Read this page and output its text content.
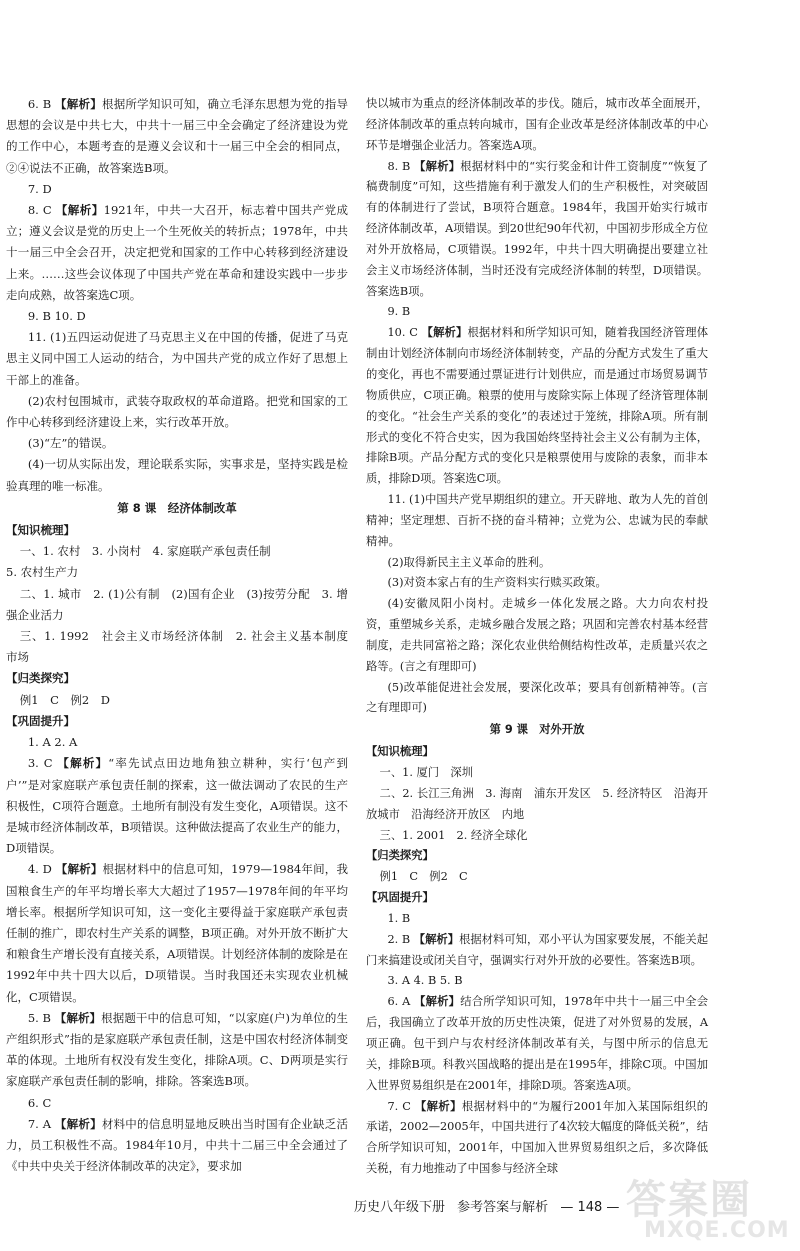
6. B 【解析】根据所学知识可知，确立毛泽东思想为党的指导思想的会议是中共七大，中共十一届三中全会确定了经济建设为党的工作中心，本题考查的是遵义会议和十一届三中全会的相同点，②④说法不正确，故答案选B项。

7. D

8. C 【解析】1921年，中共一大召开，标志着中国共产党成立；遵义会议是党的历史上一个生死攸关的转折点；1978年，中共十一届三中全会召开，决定把党和国家的工作中心转移到经济建设上来。……这些会议体现了中国共产党在革命和建设实践中一步步走向成熟，故答案选C项。

9. B 10. D

11. (1)五四运动促进了马克思主义在中国的传播，促进了马克思主义同中国工人运动的结合，为中国共产党的成立作好了思想上干部上的准备。

(2)农村包围城市，武装夺取政权的革命道路。把党和国家的工作中心转移到经济建设上来，实行改革开放。

(3)“左”的错误。

(4)一切从实际出发，理论联系实际，实事求是，坚持实践是检验真理的唯一标准。

第 8 课　经济体制改革
【知识梳理】

一、1. 农村　3. 小岗村　4. 家庭联产承包责任制

5. 农村生产力

二、1. 城市　2. (1)公有制　(2)国有企业　(3)按劳分配　3. 增强企业活力

三、1. 1992　社会主义市场经济体制　2. 社会主义基本制度　市场

【归类探究】

例1　C　例2　D

【巩固提升】

1. A 2. A

3. C 【解析】“率先试点田边地角独立耕种，实行‘包产到户’”是对家庭联产承包责任制的探索，这一做法调动了农民的生产积极性，C项符合题意。土地所有制没有发生变化，A项错误。这不是城市经济体制改革，B项错误。这种做法提高了农业生产的能力，D项错误。

4. D 【解析】根据材料中的信息可知，1979—1984年间，我国粮食生产的年平均增长率大大超过了1957—1978年间的年平均增长率。根据所学知识可知，这一变化主要得益于家庭联产承包责任制的推广，即农村生产关系的调整，B项正确。对外开放不断扩大和粮食生产增长没有直接关系，A项错误。计划经济体制的废除是在1992年中共十四大以后，D项错误。当时我国还未实现农业机械化，C项错误。

5. B 【解析】根据题干中的信息可知，“以家庭(户)为单位的生产组织形式”指的是家庭联产承包责任制，这是中国农村经济体制变革的体现。土地所有权没有发生变化，排除A项。C、D两项是实行家庭联产承包责任制的影响，排除。答案选B项。

6. C

7. A 【解析】材料中的信息明显地反映出当时国有企业缺乏活力，员工积极性不高。1984年10月，中共十二届三中全会通过了《中共中央关于经济体制改革的决定》，要求加

快以城市为重点的经济体制改革的步伐。随后，城市改革全面展开，经济体制改革的重点转向城市，国有企业改革是经济体制改革的中心环节是增强企业活力。答案选A项。

8. B 【解析】根据材料中的“实行奖金和计件工资制度”“恢复了稿费制度”可知，这些措施有利于激发人们的生产积极性，对突破固有的体制进行了尝试，B项符合题意。1984年，我国开始实行城市经济体制改革，A项错误。到20世纪90年代初，中国初步形成全方位对外开放格局，C项错误。1992年，中共十四大明确提出要建立社会主义市场经济体制，当时还没有完成经济体制的转型，D项错误。答案选B项。

9. B

10. C 【解析】根据材料和所学知识可知，随着我国经济管理体制由计划经济体制向市场经济体制转变，产品的分配方式发生了重大的变化，再也不需要通过票证进行计划供应，而是通过市场贸易调节物质供应，C项正确。粮票的使用与废除实际上体现了经济管理体制的变化。“社会生产关系的变化”的表述过于笼统，排除A项。所有制形式的变化不符合史实，因为我国始终坚持社会主义公有制为主体，排除B项。产品分配方式的变化只是粮票使用与废除的表象，而非本质，排除D项。答案选C项。

11. (1)中国共产党早期组织的建立。开天辟地、敢为人先的首创精神；坚定理想、百折不挠的奋斗精神；立党为公、忠诚为民的奉献精神。

(2)取得新民主主义革命的胜利。

(3)对资本家占有的生产资料实行赎买政策。

(4)安徽凤阳小岗村。走城乡一体化发展之路。大力向农村投资，重塑城乡关系，走城乡融合发展之路；巩固和完善农村基本经营制度，走共同富裕之路；深化农业供给侧结构性改革，走质量兴农之路等。(言之有理即可)

(5)改革能促进社会发展，要深化改革；要具有创新精神等。(言之有理即可)

第 9 课　对外开放
【知识梳理】

一、1. 厦门　深圳

二、2. 长江三角洲　3. 海南　浦东开发区　5. 经济特区　沿海开放城市　沿海经济开放区　内地

三、1. 2001　2. 经济全球化

【归类探究】

例1　C　例2　C

【巩固提升】

1. B

2. B 【解析】根据材料可知，邓小平认为国家要发展，不能关起门来搞建设或闭关自守，强调实行对外开放的必要性。答案选B项。

3. A 4. B 5. B

6. A 【解析】结合所学知识可知，1978年中共十一届三中全会后，我国确立了改革开放的历史性决策，促进了对外贸易的发展，A项正确。包干到户与农村经济体制改革有关，与图中所示的信息无关，排除B项。科教兴国战略的提出是在1995年，排除C项。中国加入世界贸易组织是在2001年，排除D项。答案选A项。

7. C 【解析】根据材料中的“为履行2001年加入某国际组织的承诺，2002—2005年，中国共进行了4次较大幅度的降低关税”，结合所学知识可知，2001年，中国加入世界贸易组织之后，多次降低关税，有力地推动了中国参与经济全球

历史八年级下册 参考答案与解析 — 148 — 答案圈
MXQE.COM
